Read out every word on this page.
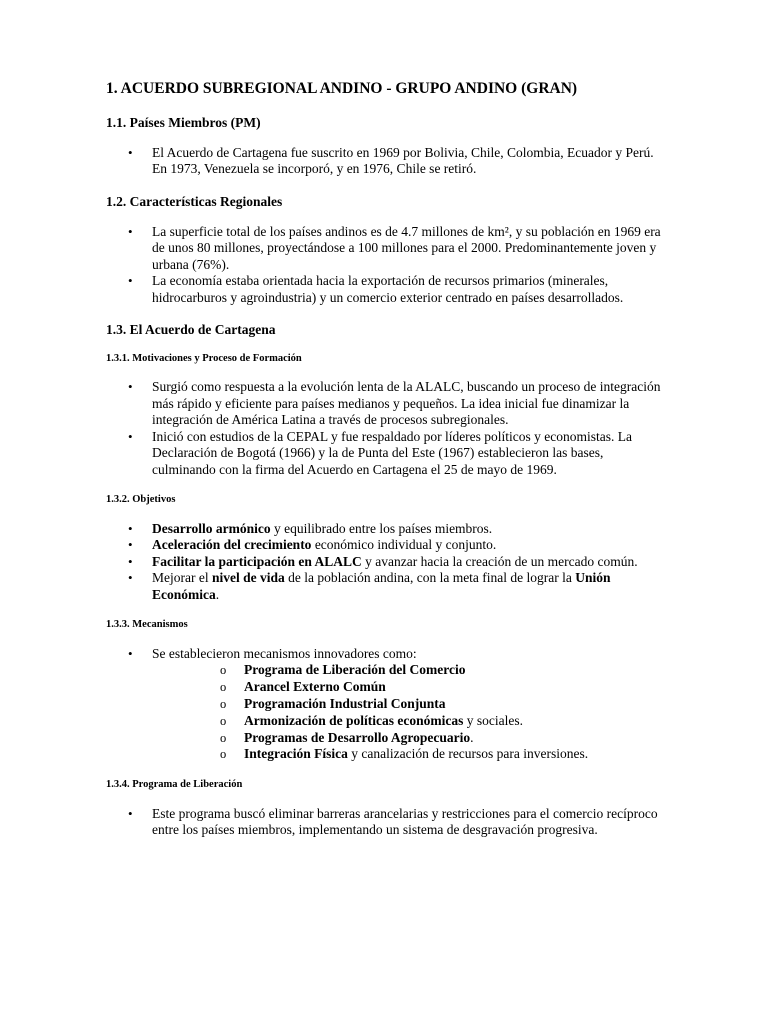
1. ACUERDO SUBREGIONAL ANDINO - GRUPO ANDINO (GRAN)
1.1. Países Miembros (PM)
• El Acuerdo de Cartagena fue suscrito en 1969 por Bolivia, Chile, Colombia, Ecuador y Perú. En 1973, Venezuela se incorporó, y en 1976, Chile se retiró.
1.2. Características Regionales
• La superficie total de los países andinos es de 4.7 millones de km², y su población en 1969 era de unos 80 millones, proyectándose a 100 millones para el 2000. Predominantemente joven y urbana (76%).
• La economía estaba orientada hacia la exportación de recursos primarios (minerales, hidrocarburos y agroindustria) y un comercio exterior centrado en países desarrollados.
1.3. El Acuerdo de Cartagena
1.3.1. Motivaciones y Proceso de Formación
• Surgió como respuesta a la evolución lenta de la ALALC, buscando un proceso de integración más rápido y eficiente para países medianos y pequeños. La idea inicial fue dinamizar la integración de América Latina a través de procesos subregionales.
• Inició con estudios de la CEPAL y fue respaldado por líderes políticos y economistas. La Declaración de Bogotá (1966) y la de Punta del Este (1967) establecieron las bases, culminando con la firma del Acuerdo en Cartagena el 25 de mayo de 1969.
1.3.2. Objetivos
• Desarrollo armónico y equilibrado entre los países miembros.
• Aceleración del crecimiento económico individual y conjunto.
• Facilitar la participación en ALALC y avanzar hacia la creación de un mercado común.
• Mejorar el nivel de vida de la población andina, con la meta final de lograr la Unión Económica.
1.3.3. Mecanismos
• Se establecieron mecanismos innovadores como:
o Programa de Liberación del Comercio
o Arancel Externo Común
o Programación Industrial Conjunta
o Armonización de políticas económicas y sociales.
o Programas de Desarrollo Agropecuario.
o Integración Física y canalización de recursos para inversiones.
1.3.4. Programa de Liberación
• Este programa buscó eliminar barreras arancelarias y restricciones para el comercio recíproco entre los países miembros, implementando un sistema de desgravación progresiva.
